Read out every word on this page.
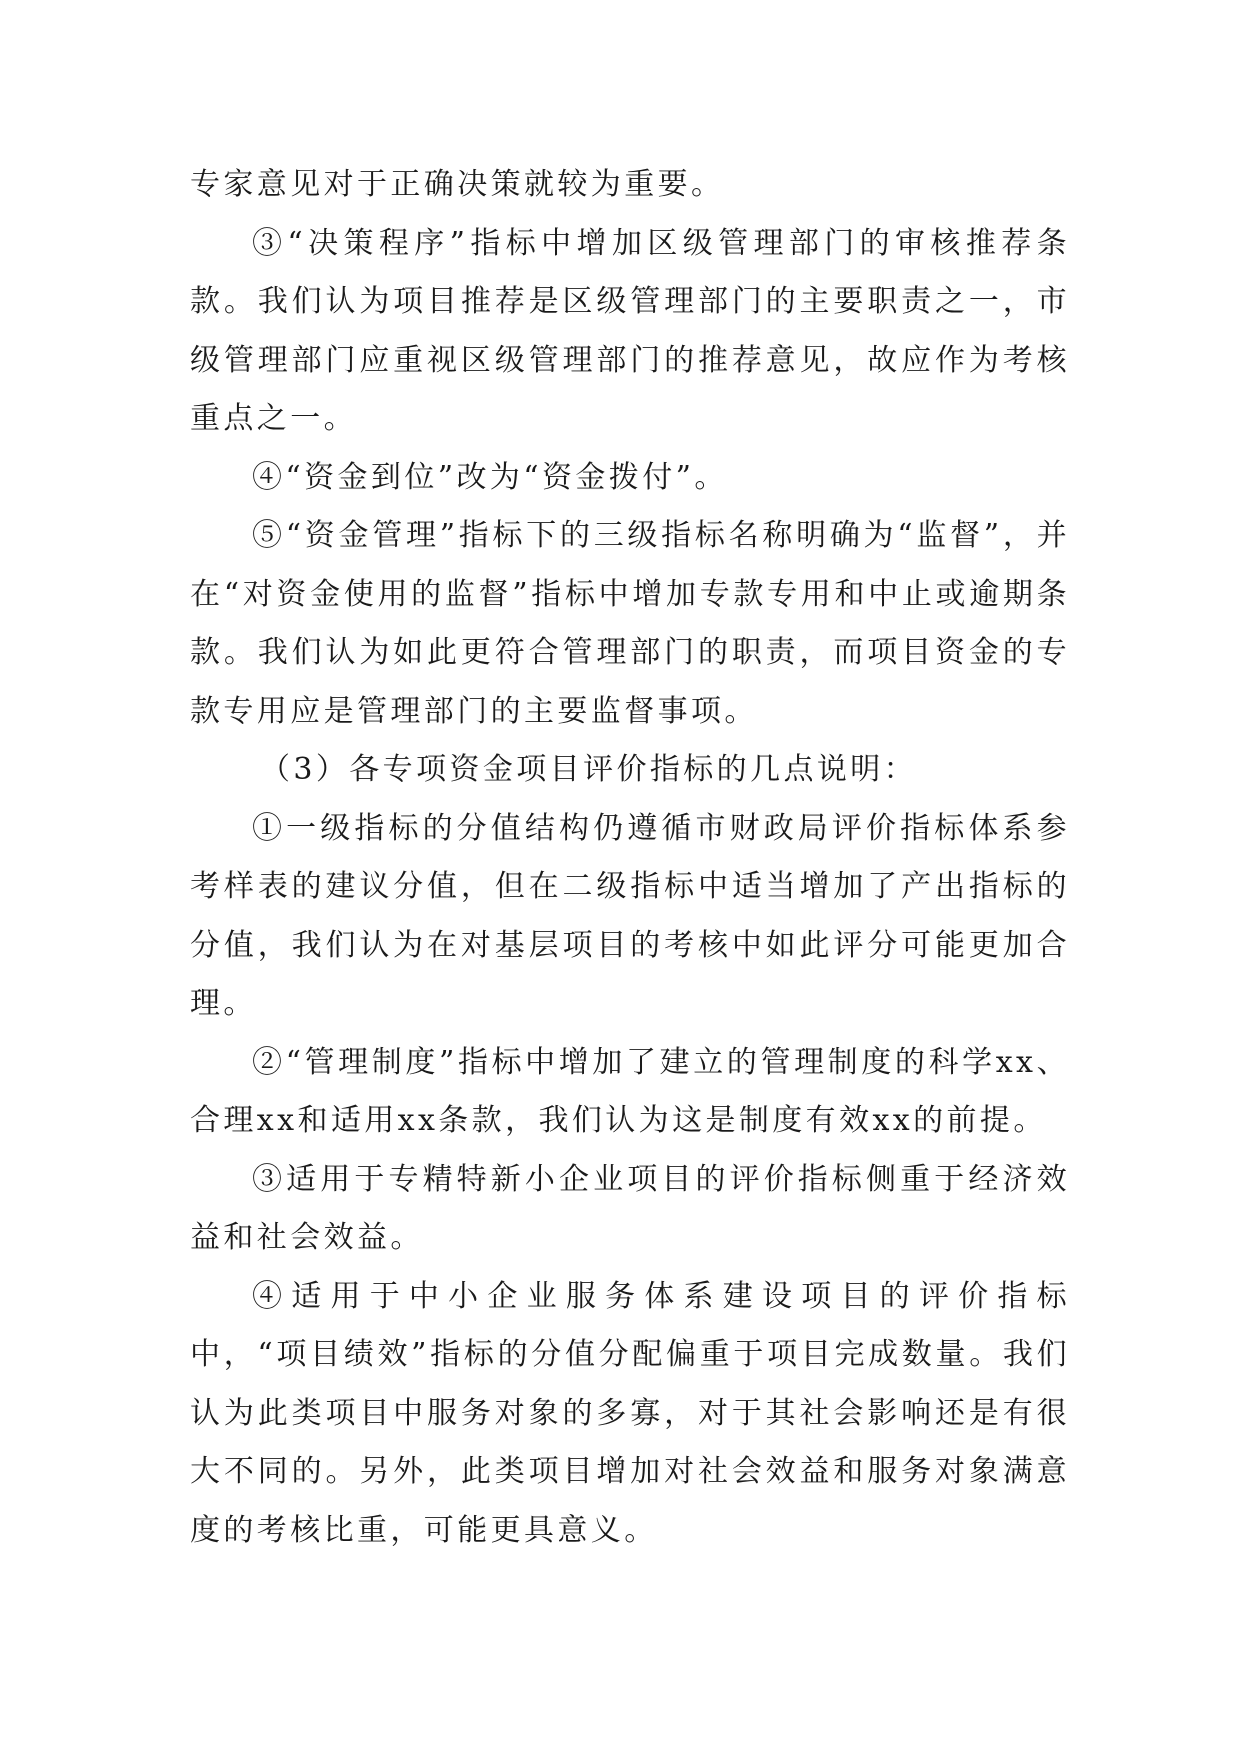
专家意见对于正确决策就较为重要。

③“决策程序”指标中增加区级管理部门的审核推荐条款。我们认为项目推荐是区级管理部门的主要职责之一，市级管理部门应重视区级管理部门的推荐意见，故应作为考核重点之一。

④“资金到位”改为“资金拨付”。

⑤“资金管理”指标下的三级指标名称明确为“监督”，并在“对资金使用的监督”指标中增加专款专用和中止或逾期条款。我们认为如此更符合管理部门的职责，而项目资金的专款专用应是管理部门的主要监督事项。

（3）各专项资金项目评价指标的几点说明：

①一级指标的分值结构仍遵循市财政局评价指标体系参考样表的建议分值，但在二级指标中适当增加了产出指标的分值，我们认为在对基层项目的考核中如此评分可能更加合理。

②“管理制度”指标中增加了建立的管理制度的科学xx、合理xx和适用xx条款，我们认为这是制度有效xx的前提。

③适用于专精特新小企业项目的评价指标侧重于经济效益和社会效益。

④适用于中小企业服务体系建设项目的评价指标中，“项目绩效”指标的分值分配偏重于项目完成数量。我们认为此类项目中服务对象的多寡，对于其社会影响还是有很大不同的。另外，此类项目增加对社会效益和服务对象满意度的考核比重，可能更具意义。
